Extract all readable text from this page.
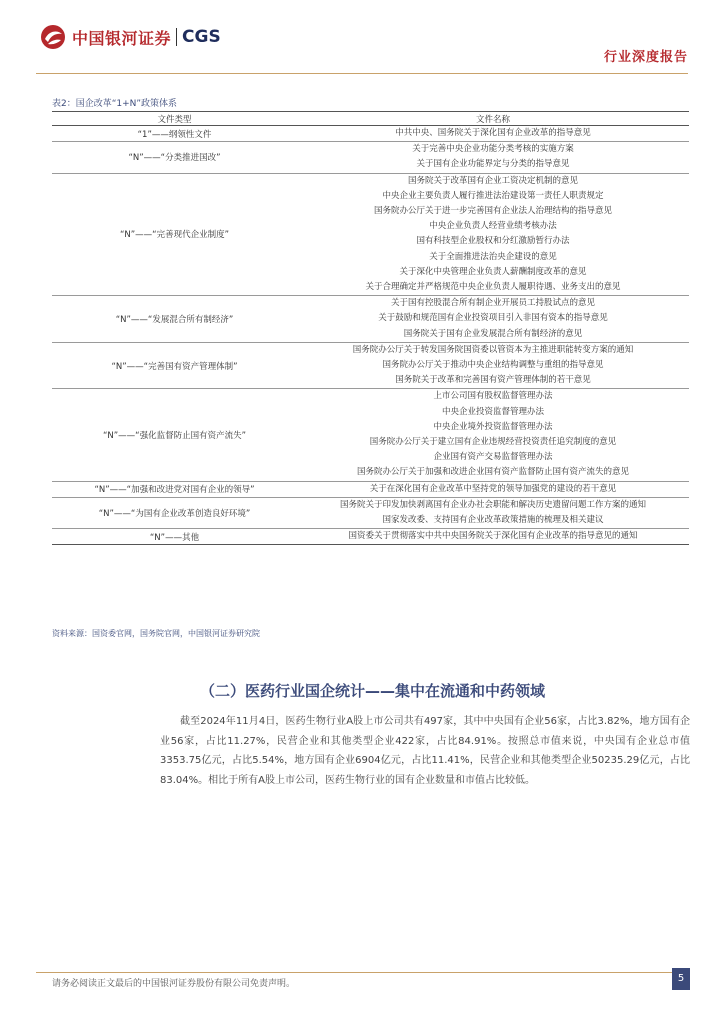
中国银河证券 CGS
行业深度报告
表2：国企改革“1+N”政策体系
文件类型	文件名称
“1”——纲领性文件	中共中央、国务院关于深化国有企业改革的指导意见
“N”——“分类推进国改”	关于完善中央企业功能分类考核的实施方案
	关于国有企业功能界定与分类的指导意见
“N”——“完善现代企业制度”	国务院关于改革国有企业工资决定机制的意见
	中央企业主要负责人履行推进法治建设第一责任人职责规定
	国务院办公厅关于进一步完善国有企业法人治理结构的指导意见
	中央企业负责人经营业绩考核办法
	国有科技型企业股权和分红激励暂行办法
	关于全面推进法治央企建设的意见
	关于深化中央管理企业负责人薪酬制度改革的意见
	关于合理确定并严格规范中央企业负责人履职待遇、业务支出的意见
“N”——“发展混合所有制经济”	关于国有控股混合所有制企业开展员工持股试点的意见
	关于鼓励和规范国有企业投资项目引入非国有资本的指导意见
	国务院关于国有企业发展混合所有制经济的意见
“N”——“完善国有资产管理体制”	国务院办公厅关于转发国务院国资委以管资本为主推进职能转变方案的通知
	国务院办公厅关于推动中央企业结构调整与重组的指导意见
	国务院关于改革和完善国有资产管理体制的若干意见
“N”——“强化监督防止国有资产流失”	上市公司国有股权监督管理办法
	中央企业投资监督管理办法
	中央企业境外投资监督管理办法
	国务院办公厅关于建立国有企业违规经营投资责任追究制度的意见
	企业国有资产交易监督管理办法
	国务院办公厅关于加强和改进企业国有资产监督防止国有资产流失的意见
“N”——“加强和改进党对国有企业的领导”	关于在深化国有企业改革中坚持党的领导加强党的建设的若干意见
“N”——“为国有企业改革创造良好环境”	国务院关于印发加快剥离国有企业办社会职能和解决历史遗留问题工作方案的通知
	国家发改委、支持国有企业改革政策措施的梳理及相关建议
“N”——其他	国资委关于贯彻落实中共中央国务院关于深化国有企业改革的指导意见的通知
资料来源：国资委官网，国务院官网，中国银河证券研究院
（二）医药行业国企统计——集中在流通和中药领域
截至2024年11月4日，医药生物行业A股上市公司共有497家，其中中央国有企业56家，占比3.82%，地方国有企业56家，占比11.27%，民营企业和其他类型企业422家，占比84.91%。按照总市值来说，中央国有企业总市值3353.75亿元，占比5.54%，地方国有企业6904亿元，占比11.41%，民营企业和其他类型企业50235.29亿元，占比83.04%。相比于所有A股上市公司，医药生物行业的国有企业数量和市值占比较低。
请务必阅读正文最后的中国银河证券股份有限公司免责声明。	5
